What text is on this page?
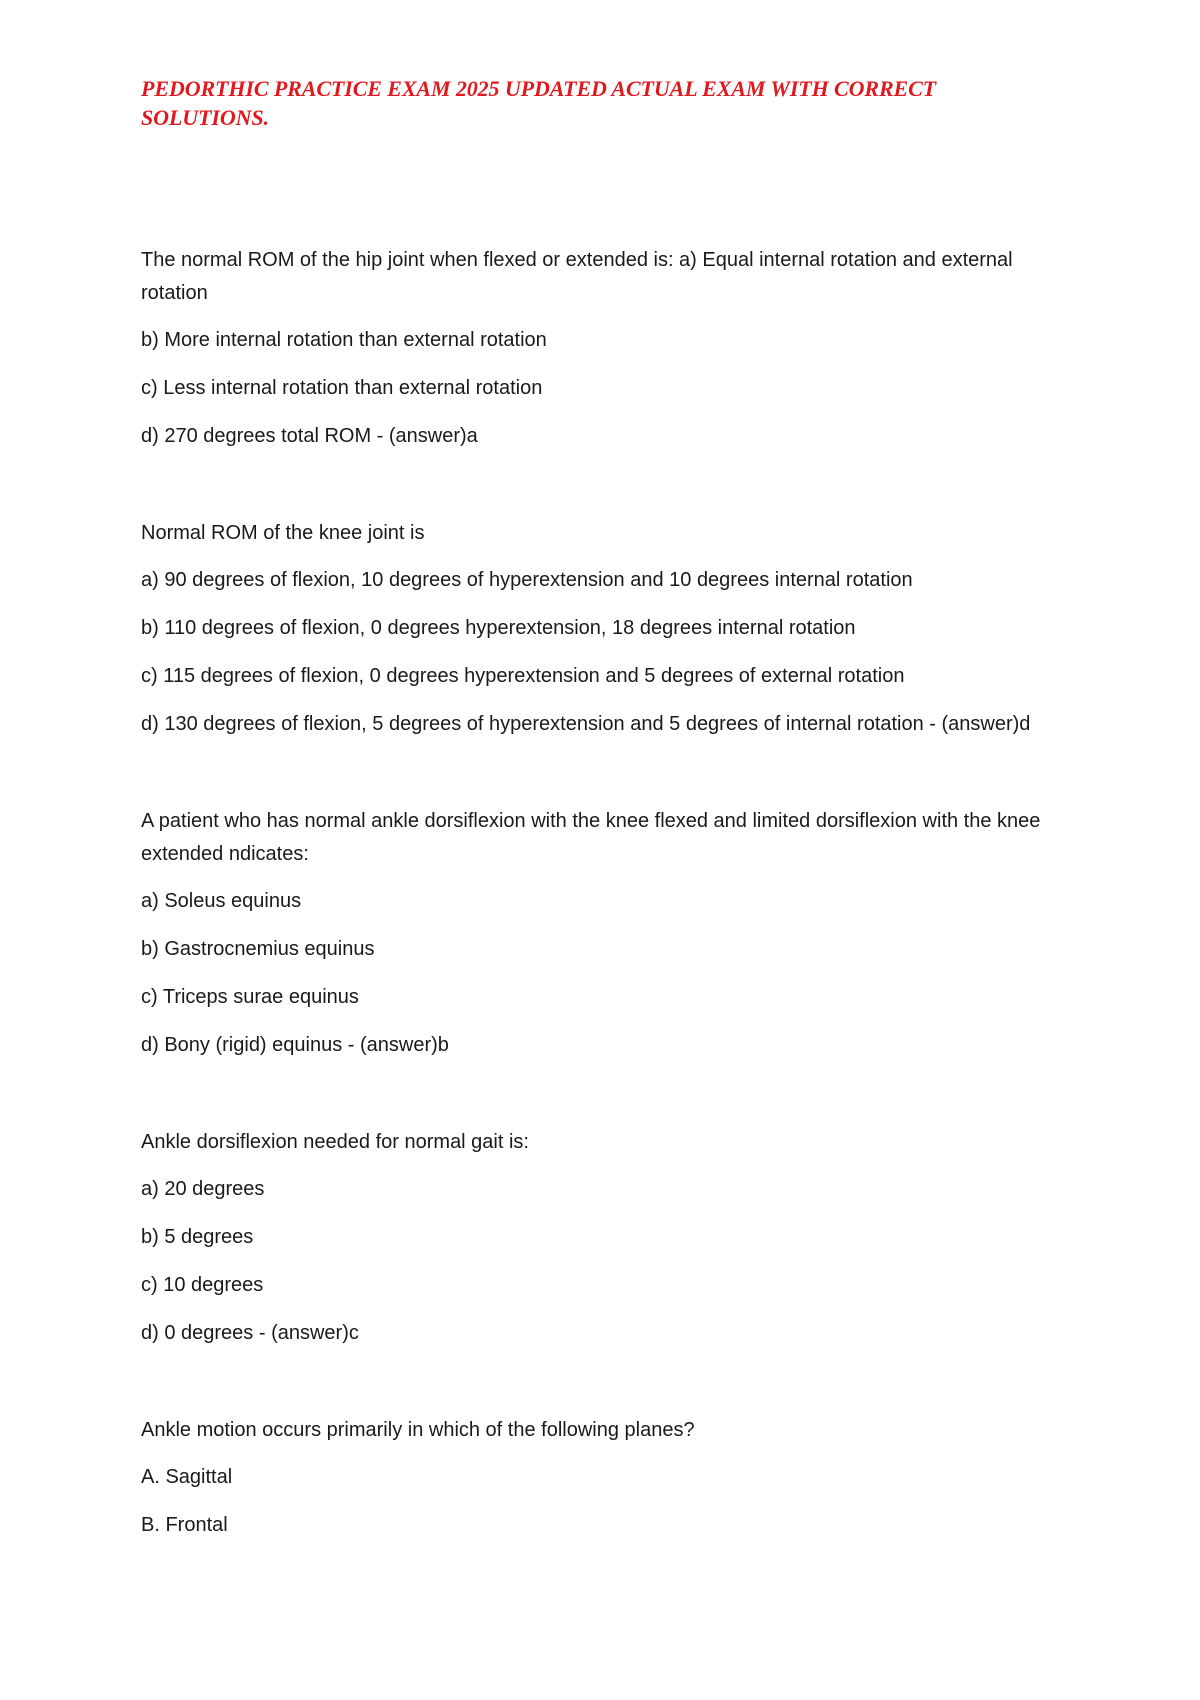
PEDORTHIC PRACTICE EXAM 2025 UPDATED ACTUAL EXAM WITH CORRECT SOLUTIONS.

The normal ROM of the hip joint when flexed or extended is: a) Equal internal rotation and external rotation

b) More internal rotation than external rotation

c) Less internal rotation than external rotation

d) 270 degrees total ROM - (answer)a

Normal ROM of the knee joint is

a) 90 degrees of flexion, 10 degrees of hyperextension and 10 degrees internal rotation

b) 110 degrees of flexion, 0 degrees hyperextension, 18 degrees internal rotation

c) 115 degrees of flexion, 0 degrees hyperextension and 5 degrees of external rotation

d) 130 degrees of flexion, 5 degrees of hyperextension and 5 degrees of internal rotation - (answer)d

A patient who has normal ankle dorsiflexion with the knee flexed and limited dorsiflexion with the knee extended ndicates:

a) Soleus equinus

b) Gastrocnemius equinus

c) Triceps surae equinus

d) Bony (rigid) equinus - (answer)b

Ankle dorsiflexion needed for normal gait is:

a) 20 degrees

b) 5 degrees

c) 10 degrees

d) 0 degrees - (answer)c

Ankle motion occurs primarily in which of the following planes?

A. Sagittal

B. Frontal
